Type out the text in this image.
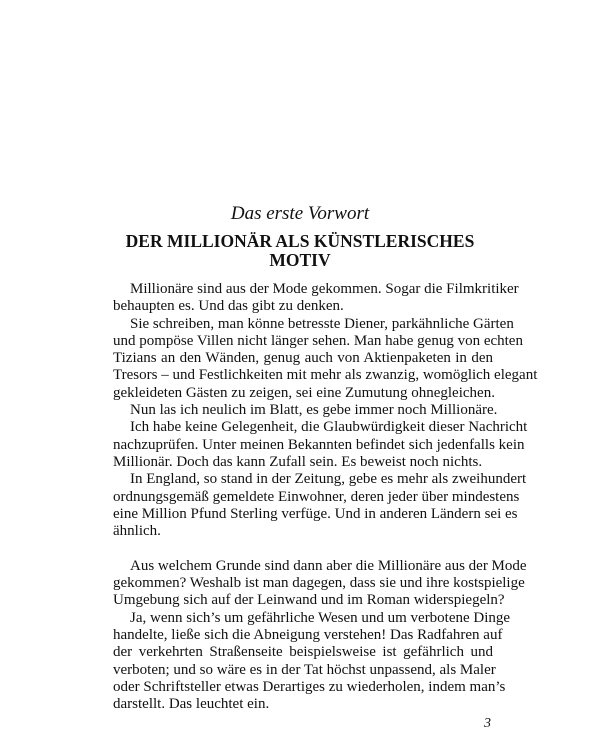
Das erste Vorwort
DER MILLIONÄR ALS KÜNSTLERISCHES
MOTIV
Millionäre sind aus der Mode gekommen. Sogar die Filmkritiker
behaupten es. Und das gibt zu denken.
Sie schreiben, man könne betresste Diener, parkähnliche Gärten
und pompöse Villen nicht länger sehen. Man habe genug von echten
Tizians an den Wänden, genug auch von Aktienpaketen in den
Tresors – und Festlichkeiten mit mehr als zwanzig, womöglich elegant
gekleideten Gästen zu zeigen, sei eine Zumutung ohnegleichen.
Nun las ich neulich im Blatt, es gebe immer noch Millionäre.
Ich habe keine Gelegenheit, die Glaubwürdigkeit dieser Nachricht
nachzuprüfen. Unter meinen Bekannten befindet sich jedenfalls kein
Millionär. Doch das kann Zufall sein. Es beweist noch nichts.
In England, so stand in der Zeitung, gebe es mehr als zweihundert
ordnungsgemäß gemeldete Einwohner, deren jeder über mindestens
eine Million Pfund Sterling verfüge. Und in anderen Ländern sei es
ähnlich.
Aus welchem Grunde sind dann aber die Millionäre aus der Mode
gekommen? Weshalb ist man dagegen, dass sie und ihre kostspielige
Umgebung sich auf der Leinwand und im Roman widerspiegeln?
Ja, wenn sich’s um gefährliche Wesen und um verbotene Dinge
handelte, ließe sich die Abneigung verstehen! Das Radfahren auf
der verkehrten Straßenseite beispielsweise ist gefährlich und
verboten; und so wäre es in der Tat höchst unpassend, als Maler
oder Schriftsteller etwas Derartiges zu wiederholen, indem man’s
darstellt. Das leuchtet ein.
3
